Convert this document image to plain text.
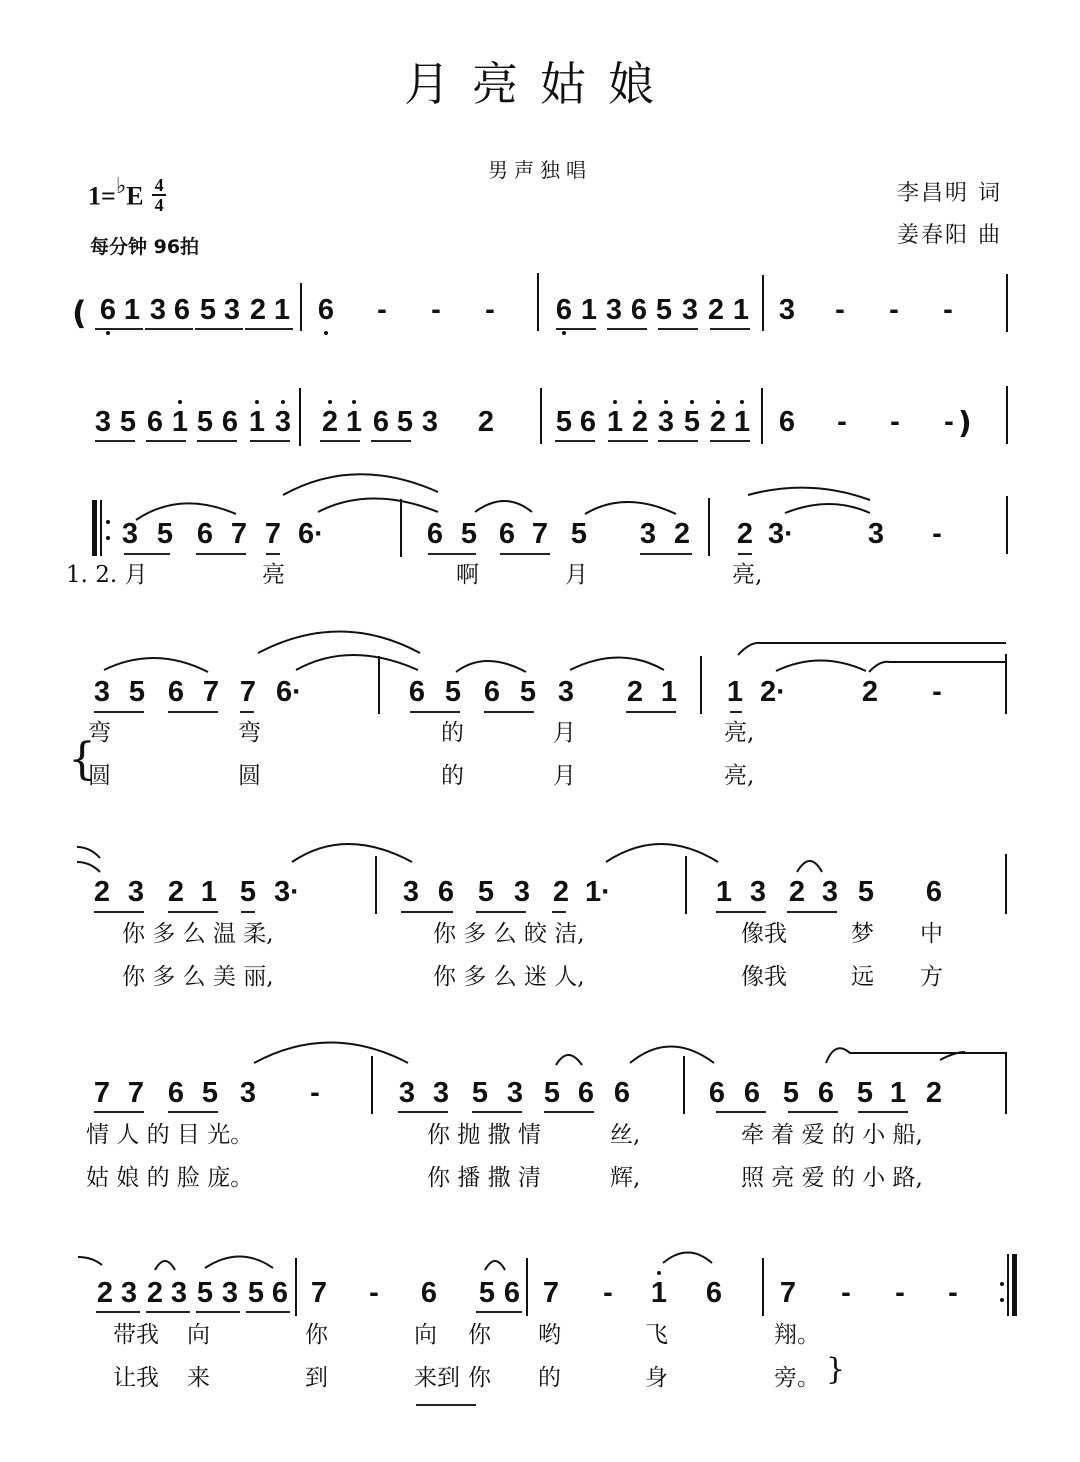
月亮姑娘
男声独唱
$1=^♭E \frac{4}{4}$
每分钟 96拍
李昌明 词
姜春阳 曲
6 1 3 6 5 3 2 1 6 - - - 6 1 3 6 5 3 2 1 3 - - -
3 5 6 1 5 6 1 3 2 1 6 5 3 2 5 6 1 2 3 5 2 1 6 - - -
3 5 6 7 7 6·	6 5 6 7 5 3 2 2 3·	3 -
3 5 6 7 7 6·	6 5 6 5 3 2 1 1 2·	2 -
2 3 2 1 5 3·	3 6 5 3 2 1·	1 3 2 3 5 6
7 7 6 5 3 -	3 3 5 3 5 6 6	6 6 5 6 5 1 2
2 3 2 3 5 3 5 6 7 - 6 5 6 7 - 1 6 7 - - -
1. 2. 月	亮	啊	月	亮,
弯	弯	的	月	亮,
圆	圆	的	月	亮,
你 多 么 温 柔,	你 多 么 皎 洁,	像我	梦 中
你 多 么 美 丽,	你 多 么 迷 人,	像我	远 方
情 人 的 目 光。	你 抛 撒 情	丝,	牵 着 爱 的 小 船,
姑 娘 的 脸 庞。	你 播 撒 清	辉,	照 亮 爱 的 小 路,
带我 向	你	向 你 哟	飞	翔。
让我 来	到	来到 你 的	身	旁。
(
)
{
}
